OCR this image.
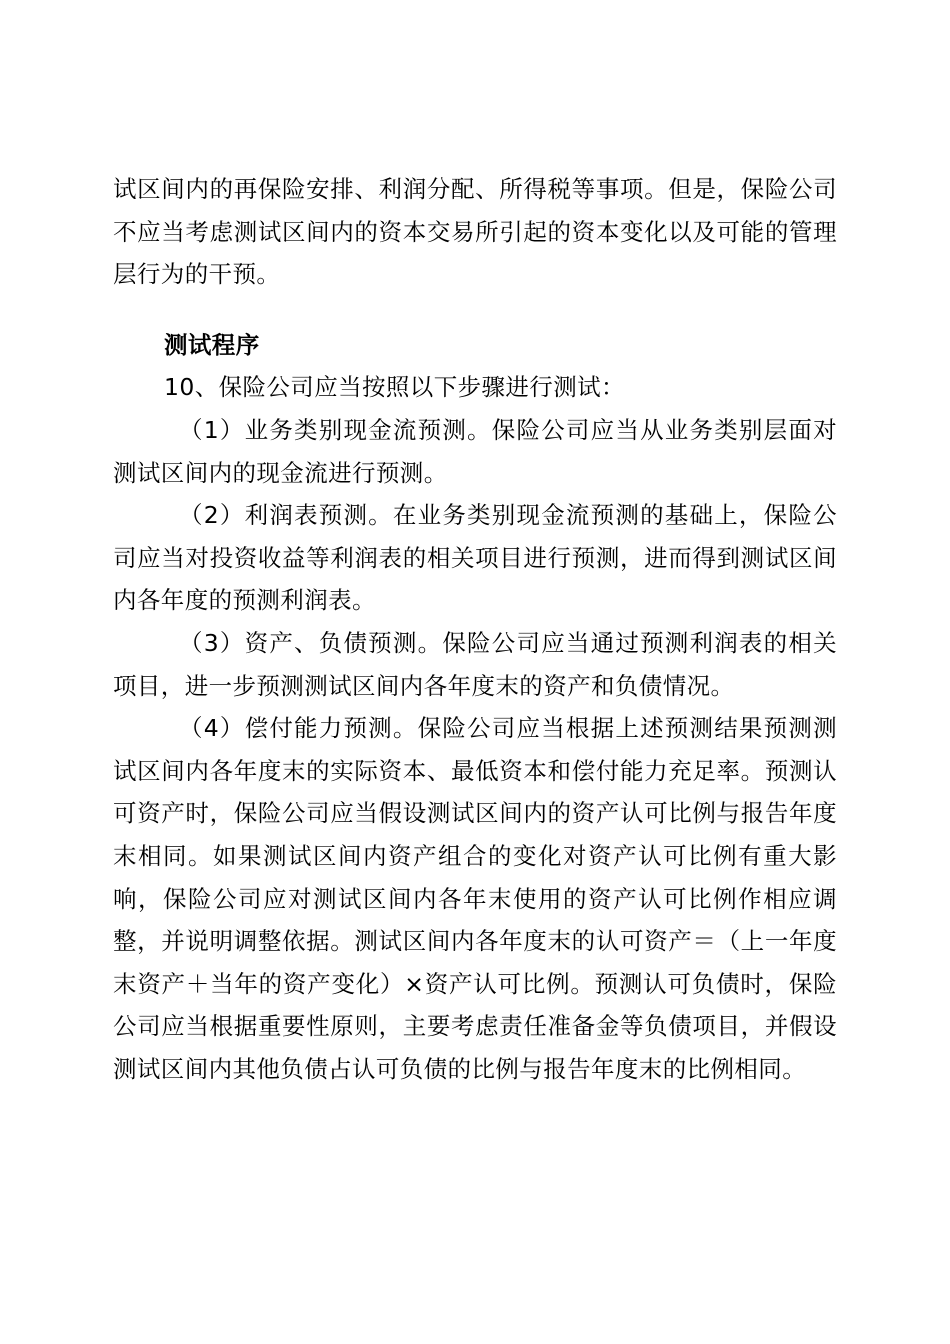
试区间内的再保险安排、利润分配、所得税等事项。但是，保险公司不应当考虑测试区间内的资本交易所引起的资本变化以及可能的管理层行为的干预。

测试程序

10、保险公司应当按照以下步骤进行测试：

（1）业务类别现金流预测。保险公司应当从业务类别层面对测试区间内的现金流进行预测。

（2）利润表预测。在业务类别现金流预测的基础上，保险公司应当对投资收益等利润表的相关项目进行预测，进而得到测试区间内各年度的预测利润表。

（3）资产、负债预测。保险公司应当通过预测利润表的相关项目，进一步预测测试区间内各年度末的资产和负债情况。

（4）偿付能力预测。保险公司应当根据上述预测结果预测测试区间内各年度末的实际资本、最低资本和偿付能力充足率。预测认可资产时，保险公司应当假设测试区间内的资产认可比例与报告年度末相同。如果测试区间内资产组合的变化对资产认可比例有重大影响，保险公司应对测试区间内各年末使用的资产认可比例作相应调整，并说明调整依据。测试区间内各年度末的认可资产＝（上一年度末资产＋当年的资产变化）×资产认可比例。预测认可负债时，保险公司应当根据重要性原则，主要考虑责任准备金等负债项目，并假设测试区间内其他负债占认可负债的比例与报告年度末的比例相同。
